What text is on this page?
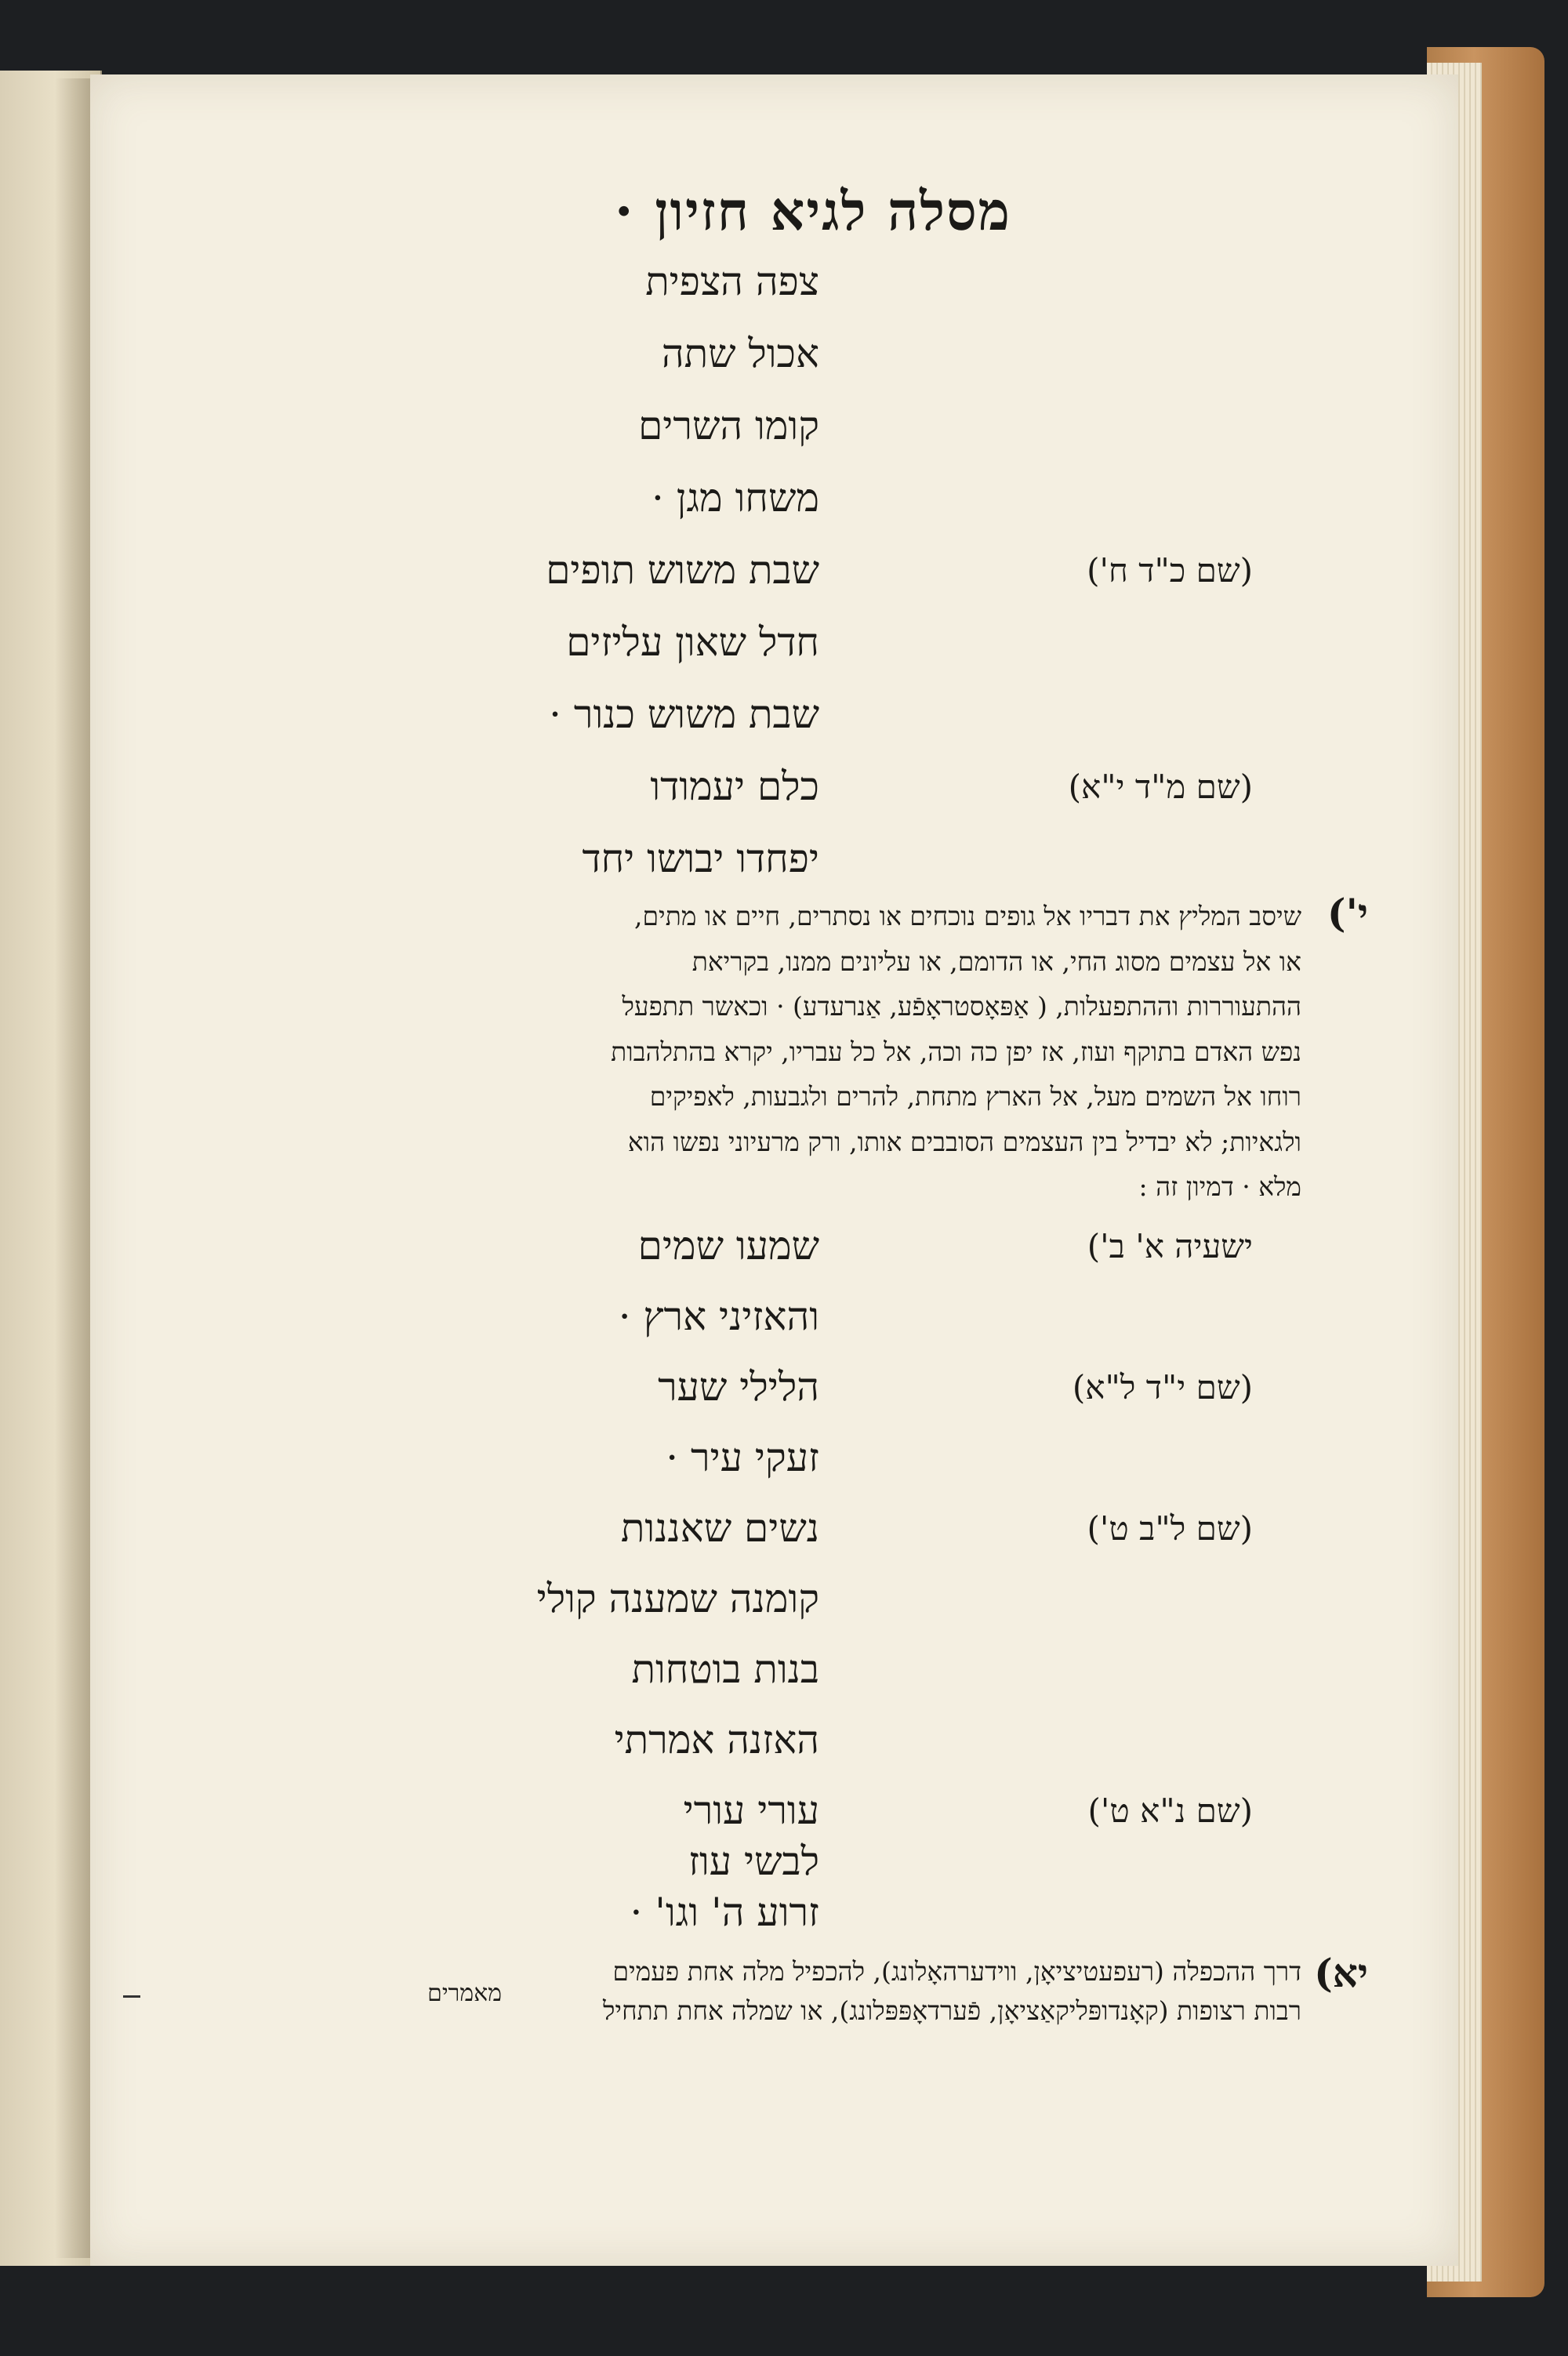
מסלה לגיא חזיון ·
צפה הצפית
אכול שתה
קומו השרים
משחו מגן ·
שבת משוש תופים	(שם כ"ד ח')
חדל שאון עליזים
שבת משוש כנור ·
כלם יעמודו	(שם מ"ד י"א)
יפחדו יבושו יחד
י')
שיסב המליץ את דבריו אל גופים נוכחים או נסתרים, חיים או מתים,
או אל עצמים מסוג החי, או הדומם, או עליונים ממנו, בקריאת
ההתעוררות וההתפעלות, ( אַפּאָסטראָפֿע, אַנרעדע) · וכאשר תתפעל
נפש האדם בתוקף ועוז, אז יפן כה וכה, אל כל עבריו, יקרא בהתלהבות
רוחו אל השמים מעל, אל הארץ מתחת, להרים ולגבעות, לאפיקים
ולגאיות; לא יבדיל בין העצמים הסובבים אותו, ורק מרעיוני נפשו הוא
מלא · דמיון זה :
שמעו שמים	ישעיה א' ב')
והאזיני ארץ ·
הלילי שער	(שם י"ד ל"א)
זעקי עיר ·
נשים שאננות	(שם ל"ב ט')
קומנה שמענה קולי
בנות בוטחות
האזנה אמרתי
עורי עורי	(שם נ"א ט')
לבשי עוז
זרוע ה' וגו' ·
יא)
דרך ההכפלה (רעפעטיציאָן, ווידערהאָלונג), להכפיל מלה אחת פעמים
רבות רצופות (קאָנדופּליקאַציאָן, פֿערדאָפּפּלונג), או שמלה אחת תתחיל
מאמרים
